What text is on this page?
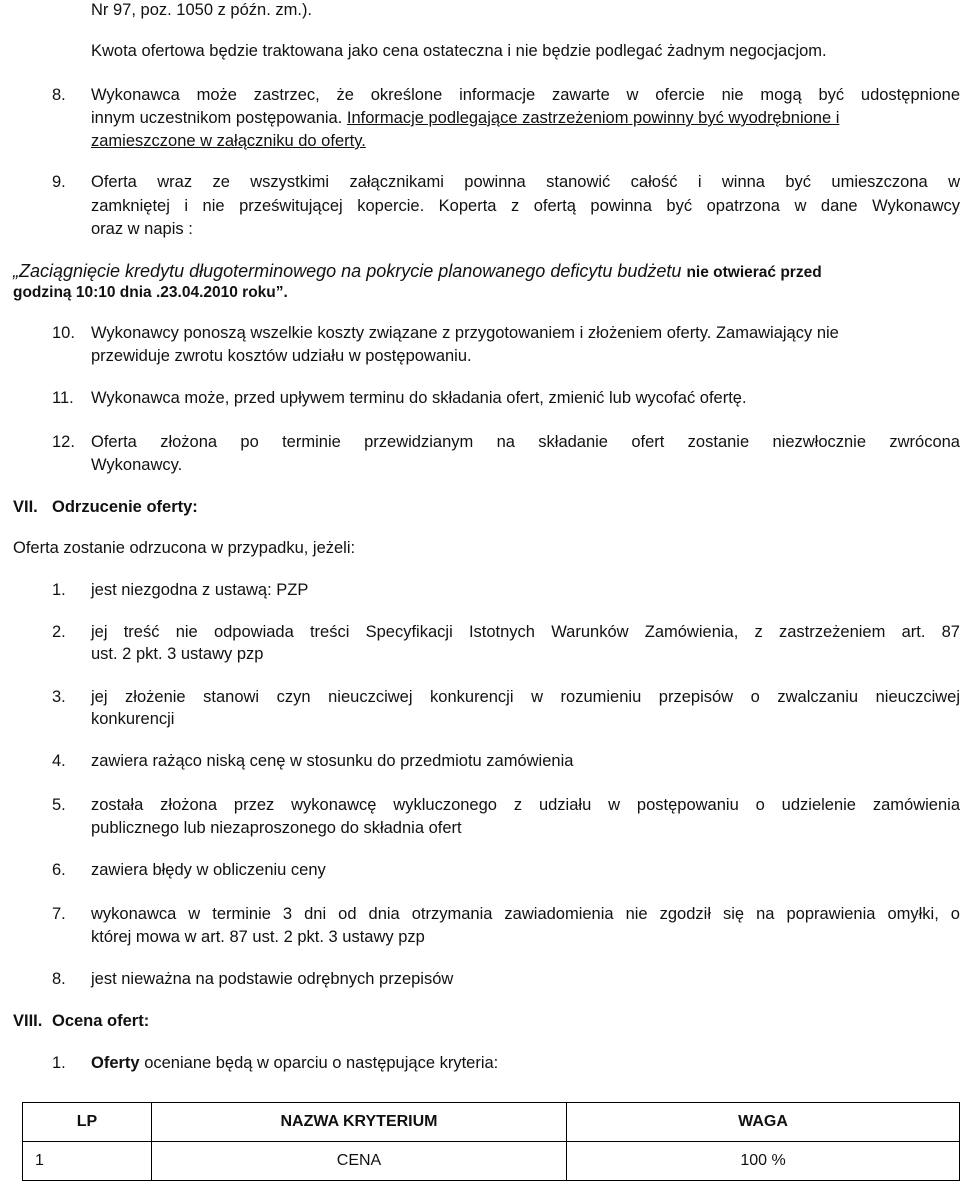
Nr 97, poz. 1050 z późn. zm.).
Kwota ofertowa będzie traktowana jako cena ostateczna i nie będzie podlegać żadnym negocjacjom.
8. Wykonawca może zastrzec, że określone informacje zawarte w ofercie nie mogą być udostępnione
innym uczestnikom postępowania. Informacje podlegające zastrzeżeniom powinny być wyodrębnione i
zamieszczone w załączniku do oferty.
9. Oferta wraz ze wszystkimi załącznikami powinna stanowić całość i winna być umieszczona w
zamkniętej i nie prześwitującej kopercie. Koperta z ofertą powinna być opatrzona w dane Wykonawcy
oraz w napis :
„Zaciągnięcie kredytu długoterminowego na pokrycie planowanego deficytu budżetu nie otwierać przed
godziną 10:10 dnia .23.04.2010 roku”.
10. Wykonawcy ponoszą wszelkie koszty związane z przygotowaniem i złożeniem oferty. Zamawiający nie
przewiduje zwrotu kosztów udziału w postępowaniu.
11. Wykonawca może, przed upływem terminu do składania ofert, zmienić lub wycofać ofertę.
12. Oferta złożona po terminie przewidzianym na składanie ofert zostanie niezwłocznie zwrócona
Wykonawcy.
VII. Odrzucenie oferty:
Oferta zostanie odrzucona w przypadku, jeżeli:
1. jest niezgodna z ustawą: PZP
2. jej treść nie odpowiada treści Specyfikacji Istotnych Warunków Zamówienia, z zastrzeżeniem art. 87
ust. 2 pkt. 3 ustawy pzp
3. jej złożenie stanowi czyn nieuczciwej konkurencji w rozumieniu przepisów o zwalczaniu nieuczciwej
konkurencji
4. zawiera rażąco niską cenę w stosunku do przedmiotu zamówienia
5. została złożona przez wykonawcę wykluczonego z udziału w postępowaniu o udzielenie zamówienia
publicznego lub niezaproszonego do składnia ofert
6. zawiera błędy w obliczeniu ceny
7. wykonawca w terminie 3 dni od dnia otrzymania zawiadomienia nie zgodził się na poprawienia omyłki, o
której mowa w art. 87 ust. 2 pkt. 3 ustawy pzp
8. jest nieważna na podstawie odrębnych przepisów
VIII. Ocena ofert:
1. Oferty oceniane będą w oparciu o następujące kryteria:
LP	NAZWA KRYTERIUM	WAGA
1	CENA	100 %
